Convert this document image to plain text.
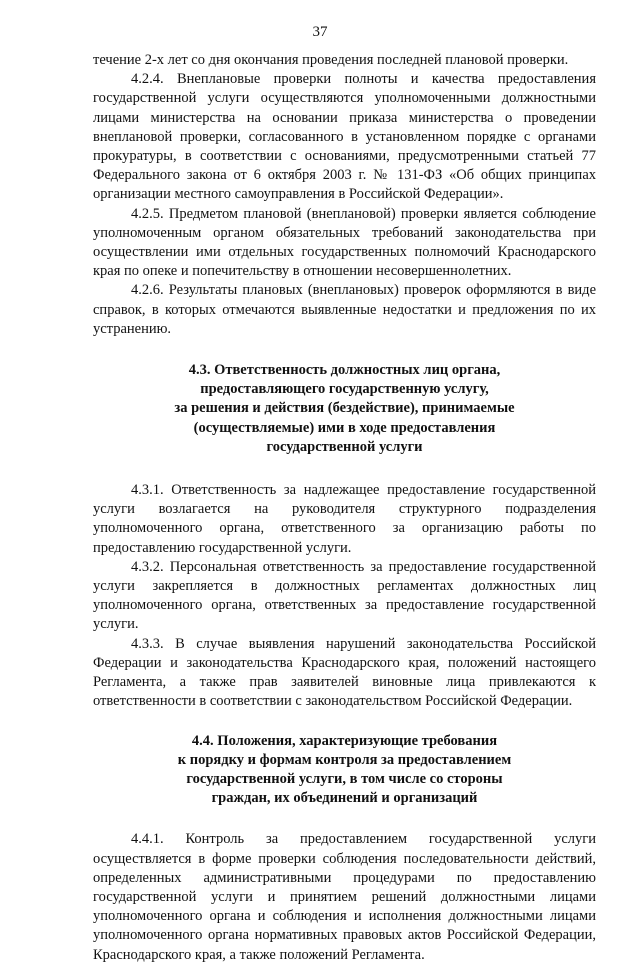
37

течение 2-х лет со дня окончания проведения последней плановой проверки.

4.2.4. Внеплановые проверки полноты и качества предоставления государственной услуги осуществляются уполномоченными должностными лицами министерства на основании приказа министерства о проведении внеплановой проверки, согласованного в установленном порядке с органами прокуратуры, в соответствии с основаниями, предусмотренными статьей 77 Федерального закона от 6 октября 2003 г. № 131-ФЗ «Об общих принципах организации местного самоуправления в Российской Федерации».

4.2.5. Предметом плановой (внеплановой) проверки является соблюдение уполномоченным органом обязательных требований законодательства при осуществлении ими отдельных государственных полномочий Краснодарского края по опеке и попечительству в отношении несовершеннолетних.

4.2.6. Результаты плановых (внеплановых) проверок оформляются в виде справок, в которых отмечаются выявленные недостатки и предложения по их устранению.

4.3. Ответственность должностных лиц органа,
предоставляющего государственную услугу,
за решения и действия (бездействие), принимаемые
(осуществляемые) ими в ходе предоставления
государственной услуги

4.3.1. Ответственность за надлежащее предоставление государственной услуги возлагается на руководителя структурного подразделения уполномоченного органа, ответственного за организацию работы по предоставлению государственной услуги.

4.3.2. Персональная ответственность за предоставление государственной услуги закрепляется в должностных регламентах должностных лиц уполномоченного органа, ответственных за предоставление государственной услуги.

4.3.3. В случае выявления нарушений законодательства Российской Федерации и законодательства Краснодарского края, положений настоящего Регламента, а также прав заявителей виновные лица привлекаются к ответственности в соответствии с законодательством Российской Федерации.

4.4. Положения, характеризующие требования
к порядку и формам контроля за предоставлением
государственной услуги, в том числе со стороны
граждан, их объединений и организаций

4.4.1. Контроль за предоставлением государственной услуги осуществляется в форме проверки соблюдения последовательности действий, определенных административными процедурами по предоставлению государственной услуги и принятием решений должностными лицами уполномоченного органа и соблюдения и исполнения должностными лицами уполномоченного органа нормативных правовых актов Российской Федерации, Краснодарского края, а также положений Регламента.
